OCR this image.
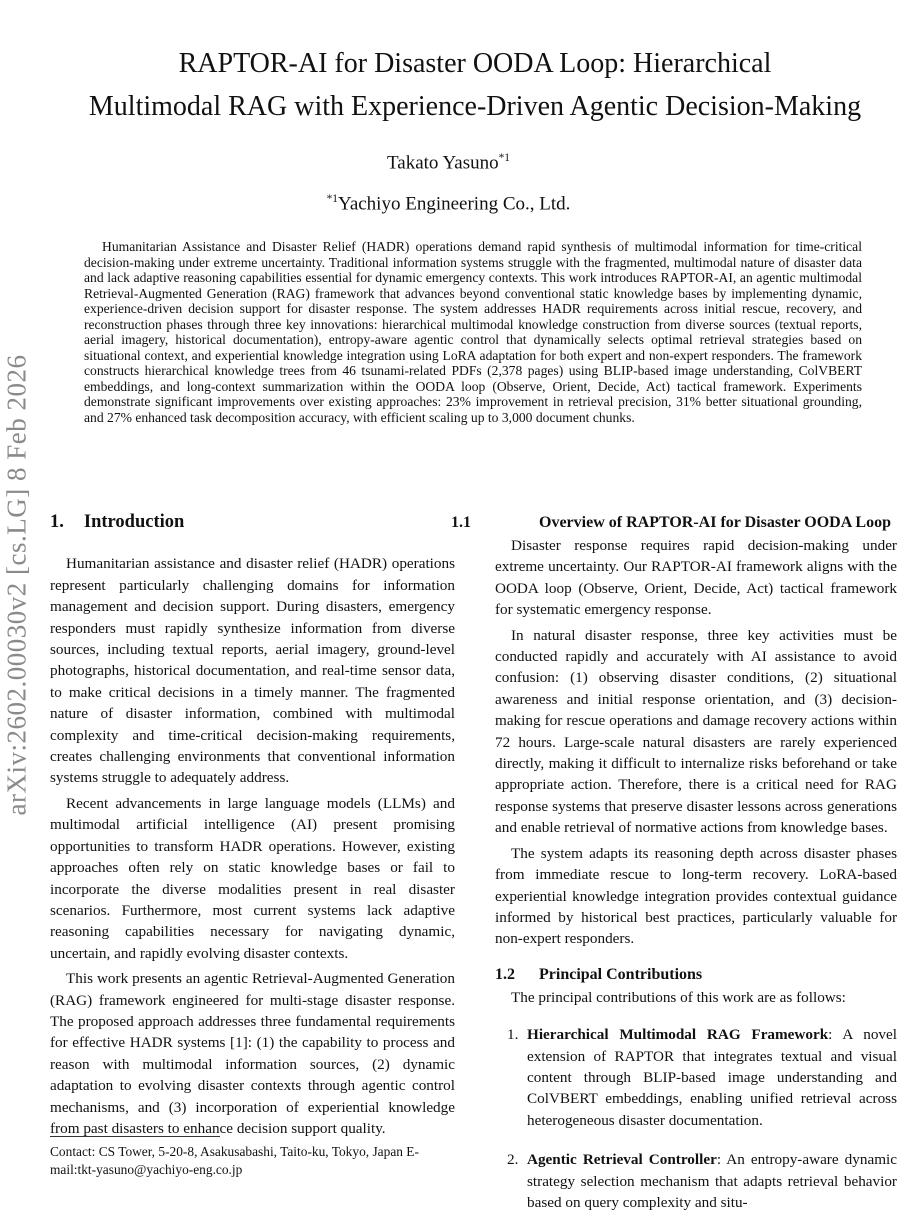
arXiv:2602.00030v2 [cs.LG] 8 Feb 2026
RAPTOR-AI for Disaster OODA Loop: Hierarchical
Multimodal RAG with Experience-Driven Agentic Decision-Making
Takato Yasuno$^{*1}$
$^{*1}$Yachiyo Engineering Co., Ltd.

Humanitarian Assistance and Disaster Relief (HADR) operations demand rapid synthesis of multimodal information for time-critical decision-making under extreme uncertainty. Traditional information systems struggle with the fragmented, multimodal nature of disaster data and lack adaptive reasoning capabilities essential for dynamic emergency contexts. This work introduces RAPTOR-AI, an agentic multimodal Retrieval-Augmented Generation (RAG) framework that advances beyond conventional static knowledge bases by implementing dynamic, experience-driven decision support for disaster response. The system addresses HADR requirements across initial rescue, recovery, and reconstruction phases through three key innovations: hierarchical multimodal knowledge construction from diverse sources (textual reports, aerial imagery, historical documentation), entropy-aware agentic control that dynamically selects optimal retrieval strategies based on situational context, and experiential knowledge integration using LoRA adaptation for both expert and non-expert responders. The framework constructs hierarchical knowledge trees from 46 tsunami-related PDFs (2,378 pages) using BLIP-based image understanding, ColVBERT embeddings, and long-context summarization within the OODA loop (Observe, Orient, Decide, Act) tactical framework. Experiments demonstrate significant improvements over existing approaches: 23% improvement in retrieval precision, 31% better situational grounding, and 27% enhanced task decomposition accuracy, with efficient scaling up to 3,000 document chunks.

1. Introduction

Humanitarian assistance and disaster relief (HADR) operations represent particularly challenging domains for information management and decision support. During disasters, emergency responders must rapidly synthesize information from diverse sources, including textual reports, aerial imagery, ground-level photographs, historical documentation, and real-time sensor data, to make critical decisions in a timely manner. The fragmented nature of disaster information, combined with multimodal complexity and time-critical decision-making requirements, creates challenging environments that conventional information systems struggle to adequately address.

Recent advancements in large language models (LLMs) and multimodal artificial intelligence (AI) present promising opportunities to transform HADR operations. However, existing approaches often rely on static knowledge bases or fail to incorporate the diverse modalities present in real disaster scenarios. Furthermore, most current systems lack adaptive reasoning capabilities necessary for navigating dynamic, uncertain, and rapidly evolving disaster contexts.

This work presents an agentic Retrieval-Augmented Generation (RAG) framework engineered for multi-stage disaster response. The proposed approach addresses three fundamental requirements for effective HADR systems [1]: (1) the capability to process and reason with multimodal information sources, (2) dynamic adaptation to evolving disaster contexts through agentic control mechanisms, and (3) incorporation of experiential knowledge from past disasters to enhance decision support quality.

1.1	Overview of RAPTOR-AI for Disaster OODA Loop

Disaster response requires rapid decision-making under extreme uncertainty. Our RAPTOR-AI framework aligns with the OODA loop (Observe, Orient, Decide, Act) tactical framework for systematic emergency response.

In natural disaster response, three key activities must be conducted rapidly and accurately with AI assistance to avoid confusion: (1) observing disaster conditions, (2) situational awareness and initial response orientation, and (3) decision-making for rescue operations and damage recovery actions within 72 hours. Large-scale natural disasters are rarely experienced directly, making it difficult to internalize risks beforehand or take appropriate action. Therefore, there is a critical need for RAG response systems that preserve disaster lessons across generations and enable retrieval of normative actions from knowledge bases.

The system adapts its reasoning depth across disaster phases from immediate rescue to long-term recovery. LoRA-based experiential knowledge integration provides contextual guidance informed by historical best practices, particularly valuable for non-expert responders.

1.2 Principal Contributions

The principal contributions of this work are as follows:

1. Hierarchical Multimodal RAG Framework: A novel extension of RAPTOR that integrates textual and visual content through BLIP-based image understanding and ColVBERT embeddings, enabling unified retrieval across heterogeneous disaster documentation.
2. Agentic Retrieval Controller: An entropy-aware dynamic strategy selection mechanism that adapts retrieval behavior based on query complexity and situ-
Contact: CS Tower, 5-20-8, Asakusabashi, Taito-ku, Tokyo, Japan E-mail:tkt-yasuno@yachiyo-eng.co.jp
